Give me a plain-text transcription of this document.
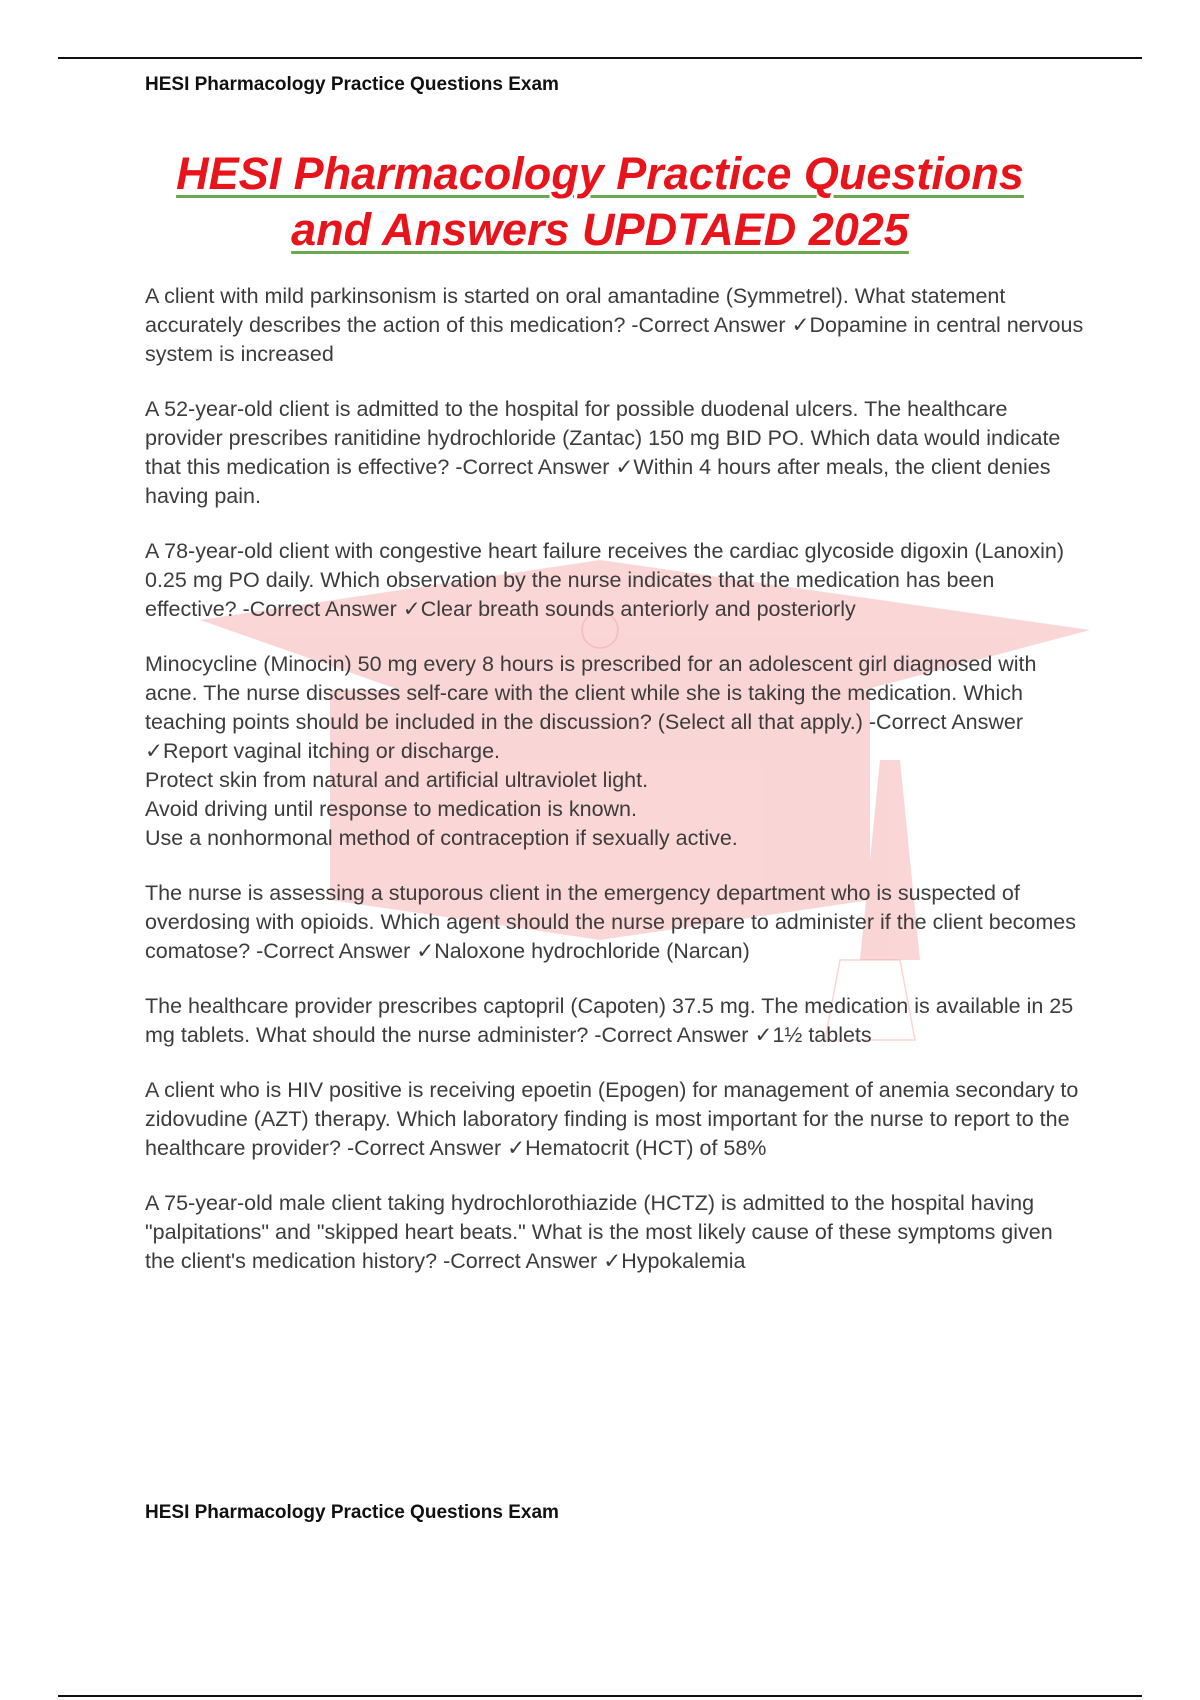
HESI Pharmacology Practice Questions Exam
HESI Pharmacology Practice Questions
and Answers UPDTAED 2025

A client with mild parkinsonism is started on oral amantadine (Symmetrel). What statement accurately describes the action of this medication? -Correct Answer ✓Dopamine in central nervous system is increased

A 52-year-old client is admitted to the hospital for possible duodenal ulcers. The healthcare provider prescribes ranitidine hydrochloride (Zantac) 150 mg BID PO. Which data would indicate that this medication is effective? -Correct Answer ✓Within 4 hours after meals, the client denies having pain.

A 78-year-old client with congestive heart failure receives the cardiac glycoside digoxin (Lanoxin) 0.25 mg PO daily. Which observation by the nurse indicates that the medication has been effective? -Correct Answer ✓Clear breath sounds anteriorly and posteriorly

Minocycline (Minocin) 50 mg every 8 hours is prescribed for an adolescent girl diagnosed with acne. The nurse discusses self-care with the client while she is taking the medication. Which teaching points should be included in the discussion? (Select all that apply.) -Correct Answer ✓Report vaginal itching or discharge.
Protect skin from natural and artificial ultraviolet light.
Avoid driving until response to medication is known.
Use a nonhormonal method of contraception if sexually active.

The nurse is assessing a stuporous client in the emergency department who is suspected of overdosing with opioids. Which agent should the nurse prepare to administer if the client becomes comatose? -Correct Answer ✓Naloxone hydrochloride (Narcan)

The healthcare provider prescribes captopril (Capoten) 37.5 mg. The medication is available in 25 mg tablets. What should the nurse administer? -Correct Answer ✓1½ tablets

A client who is HIV positive is receiving epoetin (Epogen) for management of anemia secondary to zidovudine (AZT) therapy. Which laboratory finding is most important for the nurse to report to the healthcare provider? -Correct Answer ✓Hematocrit (HCT) of 58%

A 75-year-old male client taking hydrochlorothiazide (HCTZ) is admitted to the hospital having "palpitations" and "skipped heart beats." What is the most likely cause of these symptoms given the client's medication history? -Correct Answer ✓Hypokalemia

HESI Pharmacology Practice Questions Exam
